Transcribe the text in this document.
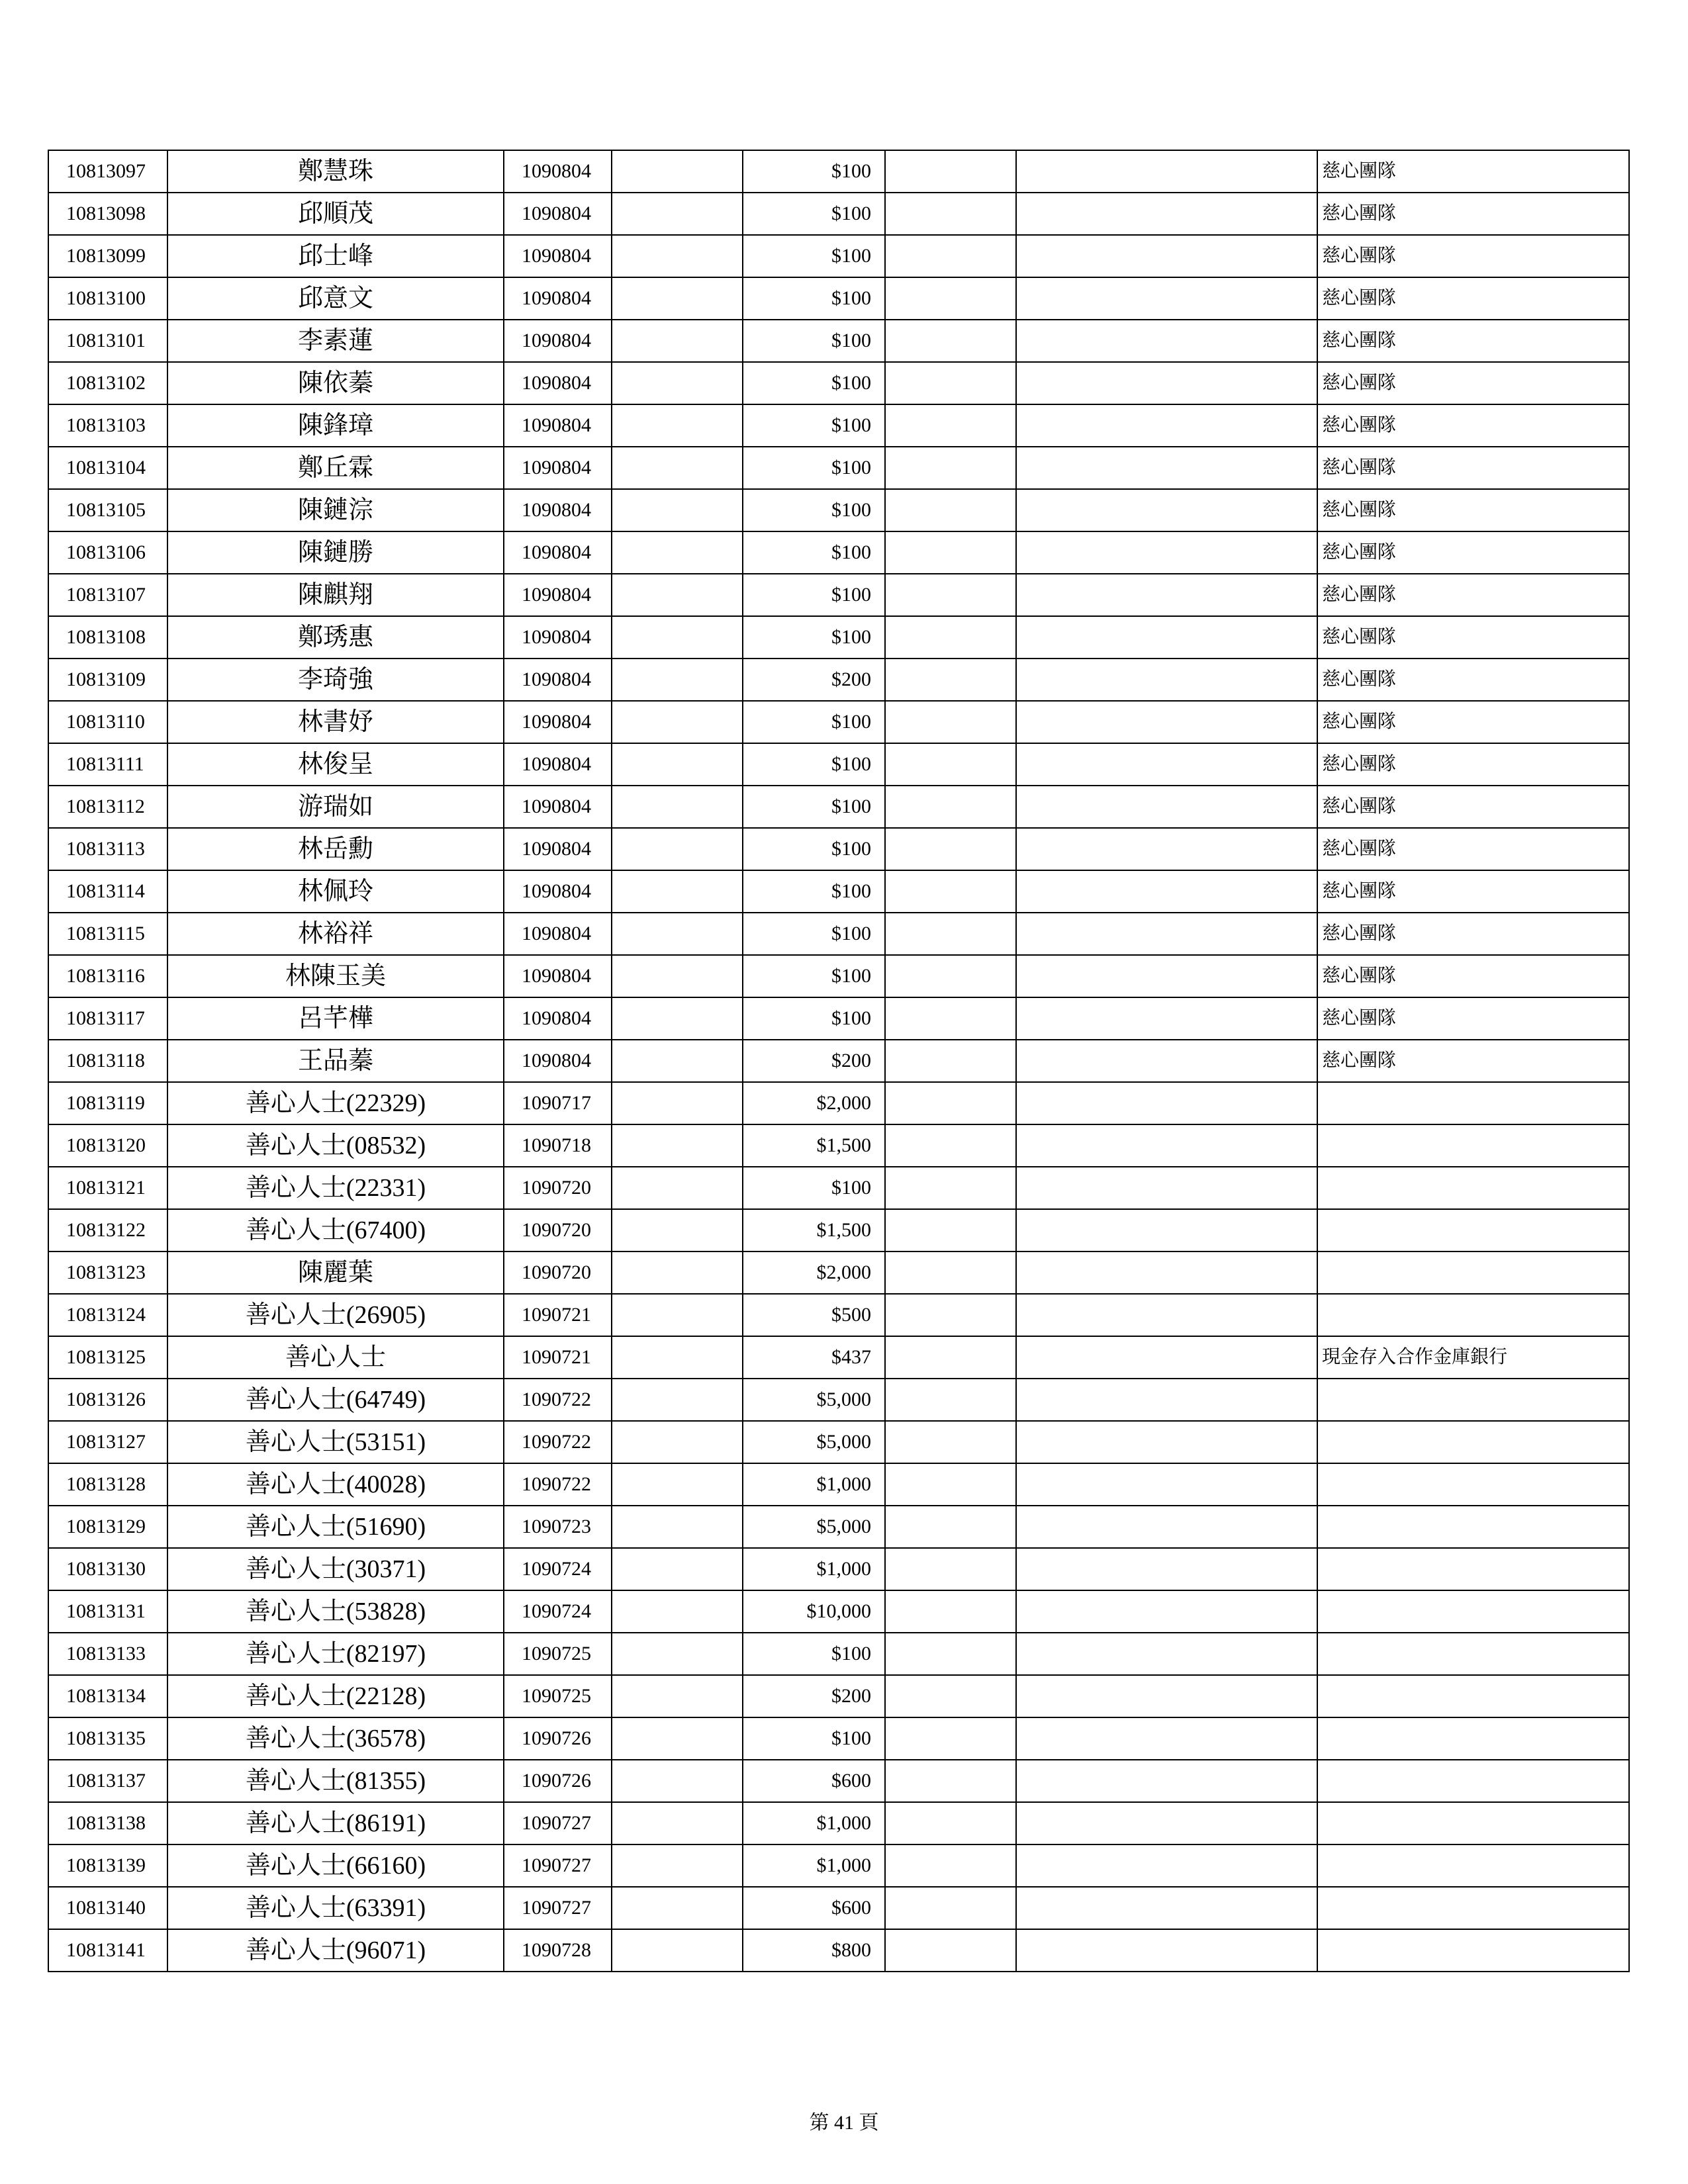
10813097	鄭慧珠	1090804		$100			慈心團隊
10813098	邱順茂	1090804		$100			慈心團隊
10813099	邱士峰	1090804		$100			慈心團隊
10813100	邱意文	1090804		$100			慈心團隊
10813101	李素蓮	1090804		$100			慈心團隊
10813102	陳依蓁	1090804		$100			慈心團隊
10813103	陳鋒璋	1090804		$100			慈心團隊
10813104	鄭丘霖	1090804		$100			慈心團隊
10813105	陳鏈淙	1090804		$100			慈心團隊
10813106	陳鏈勝	1090804		$100			慈心團隊
10813107	陳麒翔	1090804		$100			慈心團隊
10813108	鄭琇惠	1090804		$100			慈心團隊
10813109	李琦強	1090804		$200			慈心團隊
10813110	林書妤	1090804		$100			慈心團隊
10813111	林俊呈	1090804		$100			慈心團隊
10813112	游瑞如	1090804		$100			慈心團隊
10813113	林岳勳	1090804		$100			慈心團隊
10813114	林佩玲	1090804		$100			慈心團隊
10813115	林裕祥	1090804		$100			慈心團隊
10813116	林陳玉美	1090804		$100			慈心團隊
10813117	呂芊樺	1090804		$100			慈心團隊
10813118	王品蓁	1090804		$200			慈心團隊
10813119	善心人士(22329)	1090717		$2,000			
10813120	善心人士(08532)	1090718		$1,500			
10813121	善心人士(22331)	1090720		$100			
10813122	善心人士(67400)	1090720		$1,500			
10813123	陳麗葉	1090720		$2,000			
10813124	善心人士(26905)	1090721		$500			
10813125	善心人士	1090721		$437			現金存入合作金庫銀行
10813126	善心人士(64749)	1090722		$5,000			
10813127	善心人士(53151)	1090722		$5,000			
10813128	善心人士(40028)	1090722		$1,000			
10813129	善心人士(51690)	1090723		$5,000			
10813130	善心人士(30371)	1090724		$1,000			
10813131	善心人士(53828)	1090724		$10,000			
10813133	善心人士(82197)	1090725		$100			
10813134	善心人士(22128)	1090725		$200			
10813135	善心人士(36578)	1090726		$100			
10813137	善心人士(81355)	1090726		$600			
10813138	善心人士(86191)	1090727		$1,000			
10813139	善心人士(66160)	1090727		$1,000			
10813140	善心人士(63391)	1090727		$600			
10813141	善心人士(96071)	1090728		$800			
第 41 頁
